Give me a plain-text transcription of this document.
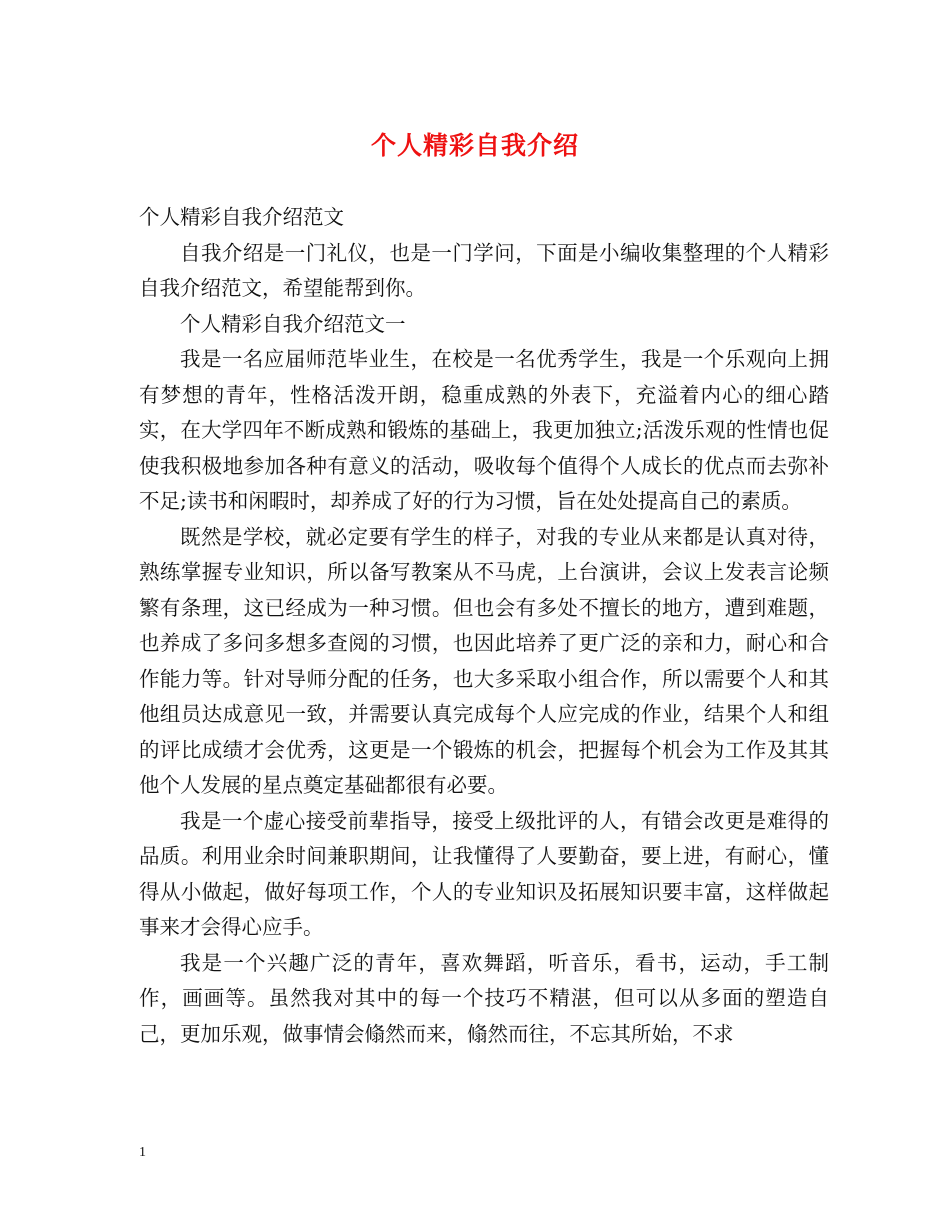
个人精彩自我介绍

个人精彩自我介绍范文

自我介绍是一门礼仪，也是一门学问，下面是小编收集整理的个人精彩自我介绍范文，希望能帮到你。

个人精彩自我介绍范文一

我是一名应届师范毕业生，在校是一名优秀学生，我是一个乐观向上拥有梦想的青年，性格活泼开朗，稳重成熟的外表下，充溢着内心的细心踏实，在大学四年不断成熟和锻炼的基础上，我更加独立;活泼乐观的性情也促使我积极地参加各种有意义的活动，吸收每个值得个人成长的优点而去弥补不足;读书和闲暇时，却养成了好的行为习惯，旨在处处提高自己的素质。

既然是学校，就必定要有学生的样子，对我的专业从来都是认真对待，熟练掌握专业知识，所以备写教案从不马虎，上台演讲，会议上发表言论频繁有条理，这已经成为一种习惯。但也会有多处不擅长的地方，遭到难题，也养成了多问多想多查阅的习惯，也因此培养了更广泛的亲和力，耐心和合作能力等。针对导师分配的任务，也大多采取小组合作，所以需要个人和其他组员达成意见一致，并需要认真完成每个人应完成的作业，结果个人和组的评比成绩才会优秀，这更是一个锻炼的机会，把握每个机会为工作及其其他个人发展的星点奠定基础都很有必要。

我是一个虚心接受前辈指导，接受上级批评的人，有错会改更是难得的品质。利用业余时间兼职期间，让我懂得了人要勤奋，要上进，有耐心，懂得从小做起，做好每项工作，个人的专业知识及拓展知识要丰富，这样做起事来才会得心应手。

我是一个兴趣广泛的青年，喜欢舞蹈，听音乐，看书，运动，手工制作，画画等。虽然我对其中的每一个技巧不精湛，但可以从多面的塑造自己，更加乐观，做事情会翛然而来，翛然而往，不忘其所始，不求

1
